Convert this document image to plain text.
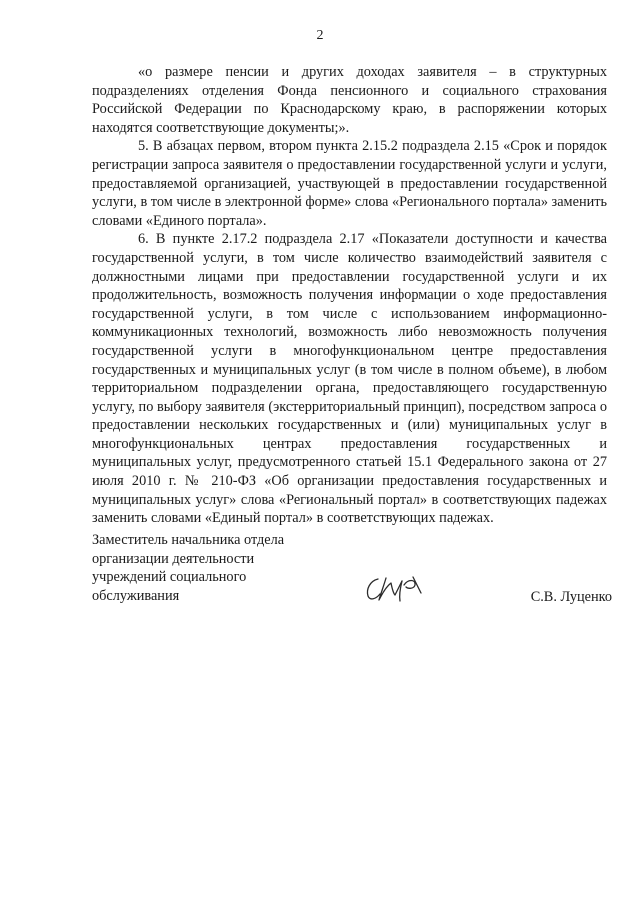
2

«о размере пенсии и других доходах заявителя – в структурных подразделениях отделения Фонда пенсионного и социального страхования Российской Федерации по Краснодарскому краю, в распоряжении которых находятся соответствующие документы;».

5. В абзацах первом, втором пункта 2.15.2 подраздела 2.15 «Срок и порядок регистрации запроса заявителя о предоставлении государственной услуги и услуги, предоставляемой организацией, участвующей в предоставлении государственной услуги, в том числе в электронной форме» слова «Регионального портала» заменить словами «Единого портала».

6. В пункте 2.17.2 подраздела 2.17 «Показатели доступности и качества государственной услуги, в том числе количество взаимодействий заявителя с должностными лицами при предоставлении государственной услуги и их продолжительность, возможность получения информации о ходе предоставления государственной услуги, в том числе с использованием информационно-коммуникационных технологий, возможность либо невозможность получения государственной услуги в многофункциональном центре предоставления государственных и муниципальных услуг (в том числе в полном объеме), в любом территориальном подразделении органа, предоставляющего государственную услугу, по выбору заявителя (экстерриториальный принцип), посредством запроса о предоставлении нескольких государственных и (или) муниципальных услуг в многофункциональных центрах предоставления государственных и муниципальных услуг, предусмотренного статьей 15.1 Федерального закона от 27 июля 2010 г. № 210-ФЗ «Об организации предоставления государственных и муниципальных услуг» слова «Региональный портал» в соответствующих падежах заменить словами «Единый портал» в соответствующих падежах.

Заместитель начальника отдела
организации деятельности
учреждений социального
обслуживания	С.В. Луценко
